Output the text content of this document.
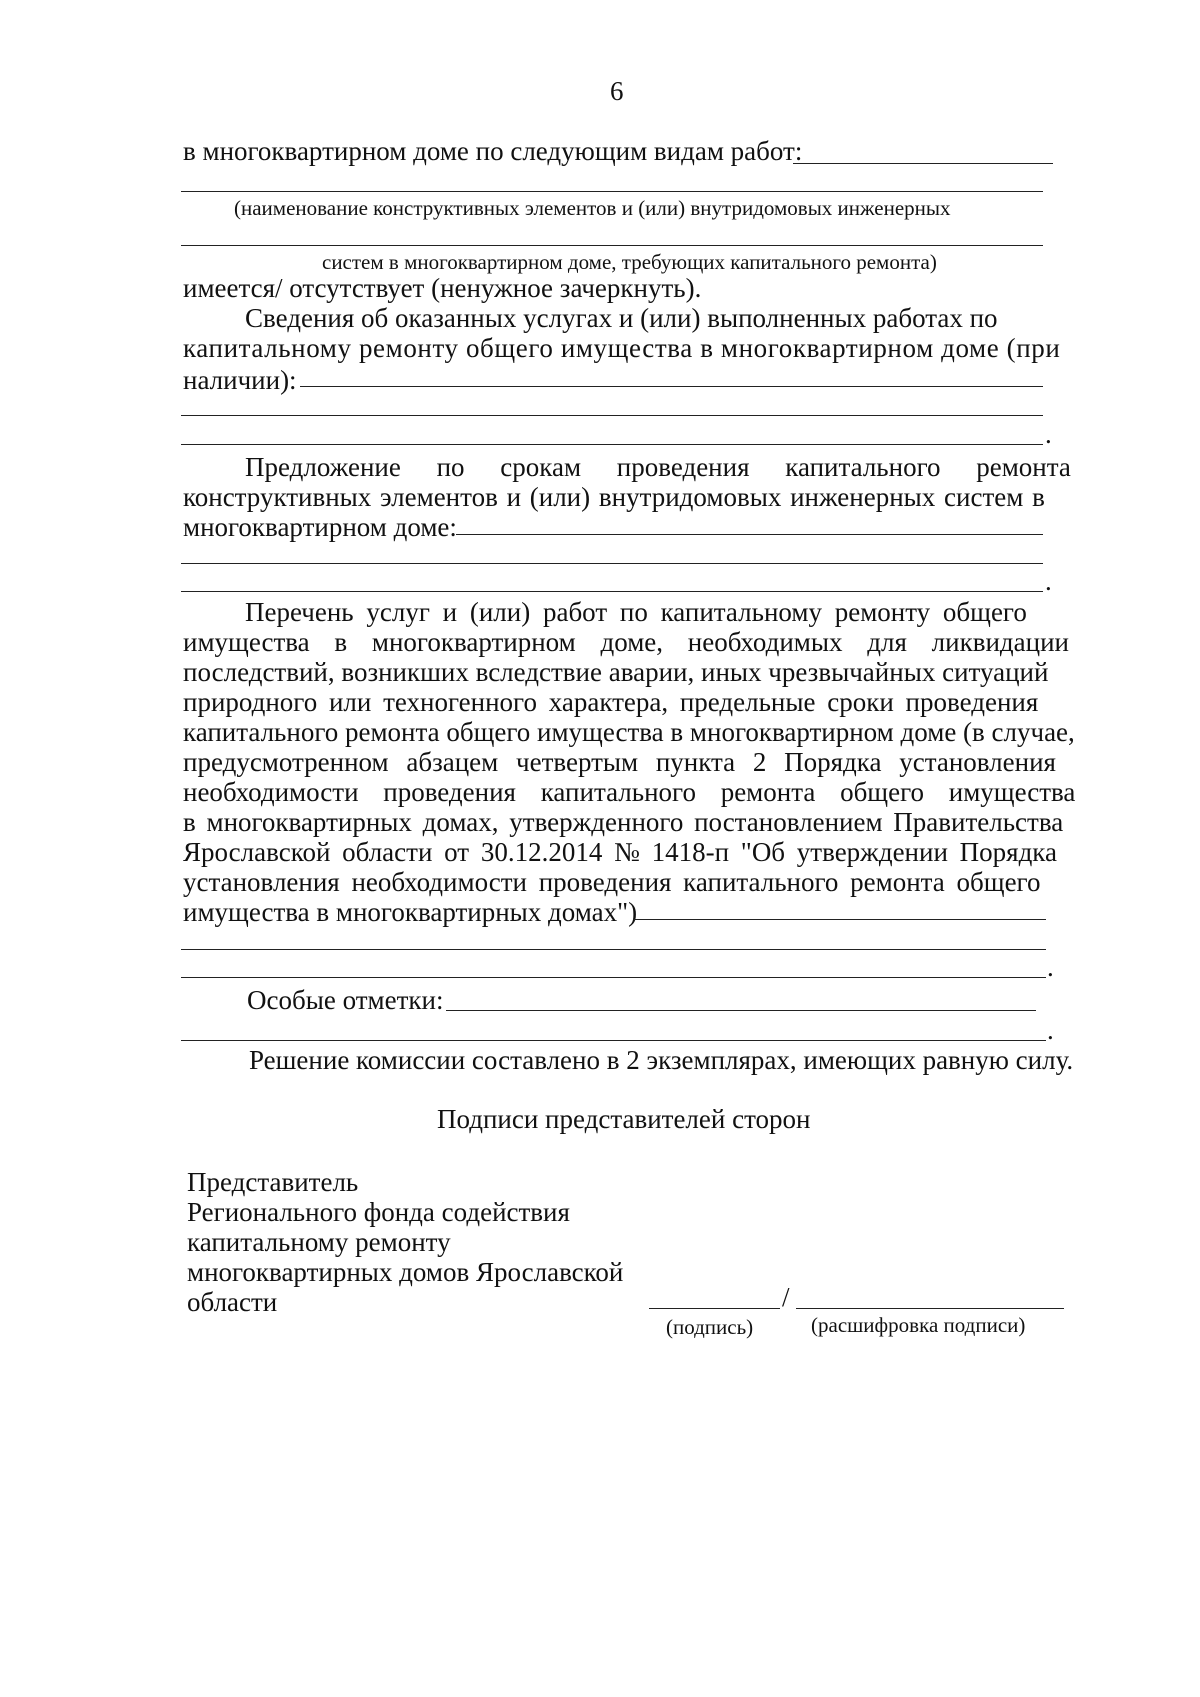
6
в многоквартирном доме по следующим видам работ:
(наименование конструктивных элементов и (или) внутридомовых инженерных
систем в многоквартирном доме, требующих капитального ремонта)
имеется/ отсутствует (ненужное зачеркнуть).
Сведения об оказанных услугах и (или) выполненных работах по
капитальному ремонту общего имущества в многоквартирном доме (при
наличии):
.
Предложение по срокам проведения капитального ремонта
конструктивных элементов и (или) внутридомовых инженерных систем в
многоквартирном доме:
.
Перечень услуг и (или) работ по капитальному ремонту общего
имущества в многоквартирном доме, необходимых для ликвидации
последствий, возникших вследствие аварии, иных чрезвычайных ситуаций
природного или техногенного характера, предельные сроки проведения
капитального ремонта общего имущества в многоквартирном доме (в случае,
предусмотренном абзацем четвертым пункта 2 Порядка установления
необходимости проведения капитального ремонта общего имущества
в многоквартирных домах, утвержденного постановлением Правительства
Ярославской области от 30.12.2014 № 1418-п "Об утверждении Порядка
установления необходимости проведения капитального ремонта общего
имущества в многоквартирных домах")
.
Особые отметки:
.
Решение комиссии составлено в 2 экземплярах, имеющих равную силу.
Подписи представителей сторон
Представитель
Регионального фонда содействия
капитальному ремонту
многоквартирных домов Ярославской
области	/
(подпись)	(расшифровка подписи)
